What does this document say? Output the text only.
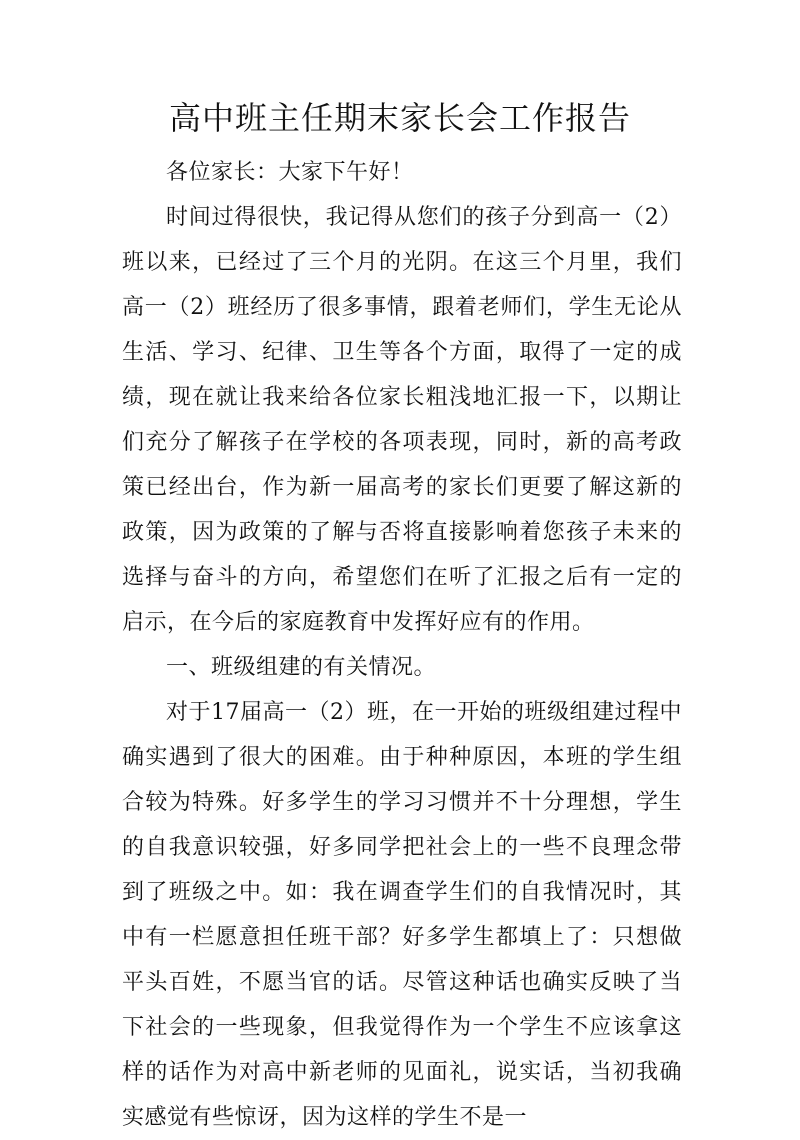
高中班主任期末家长会工作报告

各位家长：大家下午好！

时间过得很快，我记得从您们的孩子分到高一（2）班以来，已经过了三个月的光阴。在这三个月里，我们高一（2）班经历了很多事情，跟着老师们，学生无论从生活、学习、纪律、卫生等各个方面，取得了一定的成绩，现在就让我来给各位家长粗浅地汇报一下，以期让们充分了解孩子在学校的各项表现，同时，新的高考政策已经出台，作为新一届高考的家长们更要了解这新的政策，因为政策的了解与否将直接影响着您孩子未来的选择与奋斗的方向，希望您们在听了汇报之后有一定的启示，在今后的家庭教育中发挥好应有的作用。

一、班级组建的有关情况。

对于17届高一（2）班，在一开始的班级组建过程中确实遇到了很大的困难。由于种种原因，本班的学生组合较为特殊。好多学生的学习习惯并不十分理想，学生的自我意识较强，好多同学把社会上的一些不良理念带到了班级之中。如：我在调查学生们的自我情况时，其中有一栏愿意担任班干部？好多学生都填上了：只想做平头百姓，不愿当官的话。尽管这种话也确实反映了当下社会的一些现象，但我觉得作为一个学生不应该拿这样的话作为对高中新老师的见面礼，说实话，当初我确实感觉有些惊讶，因为这样的学生不是一
